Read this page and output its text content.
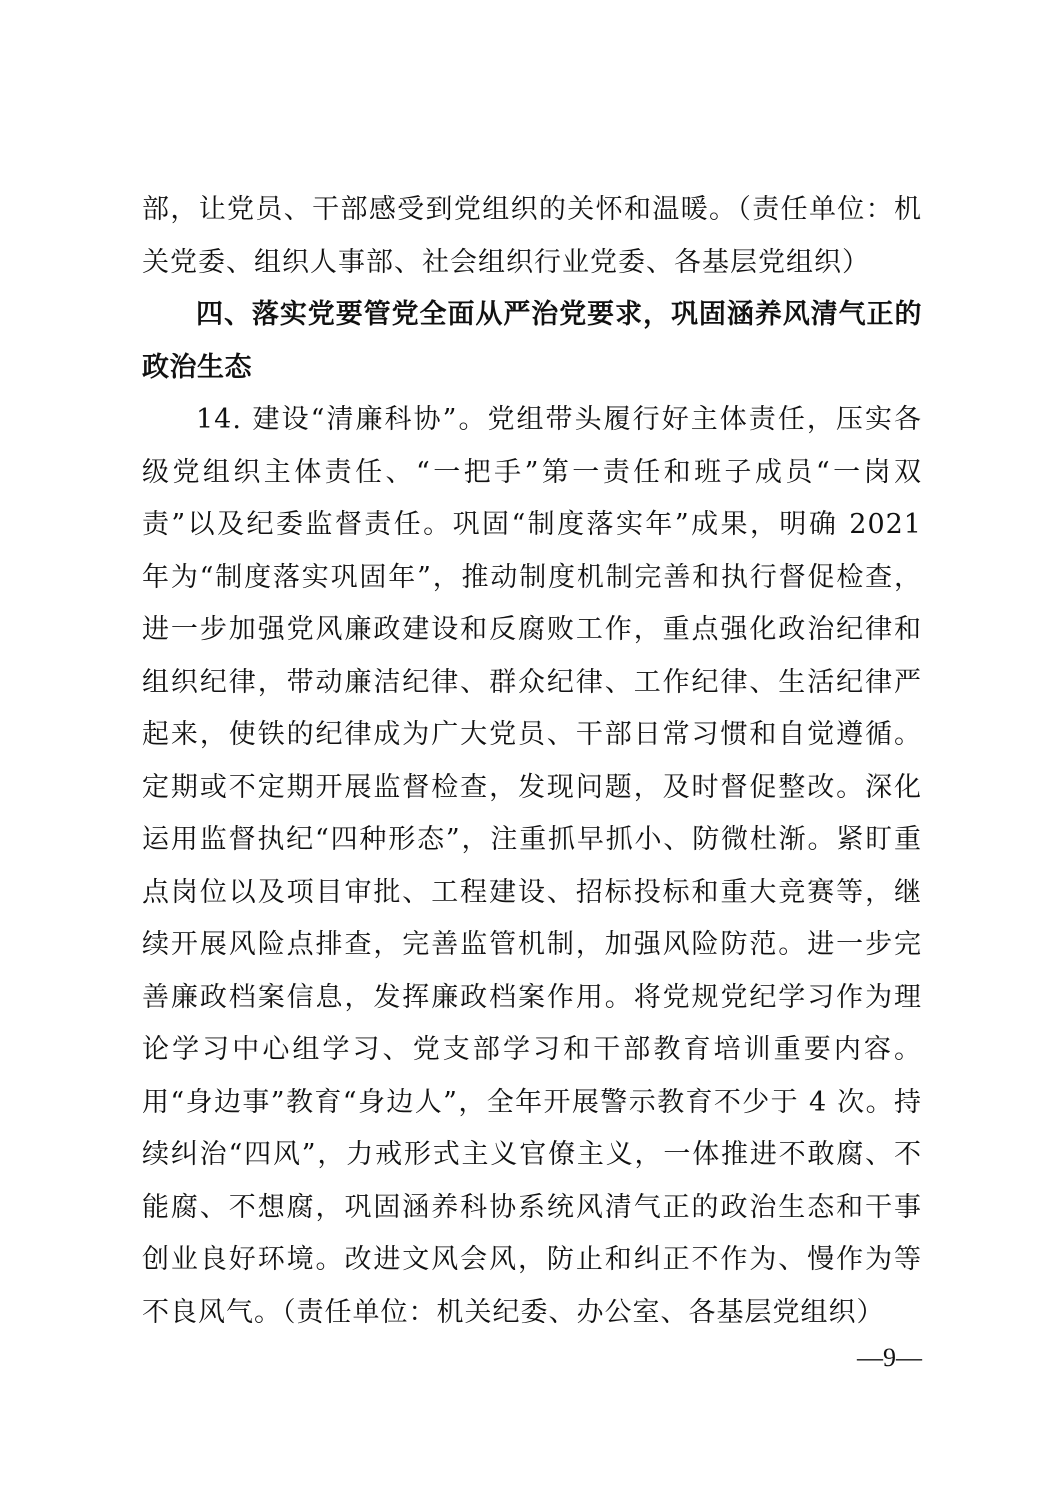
部，让党员、干部感受到党组织的关怀和温暖。（责任单位：机关党委、组织人事部、社会组织行业党委、各基层党组织）

四、落实党要管党全面从严治党要求，巩固涵养风清气正的政治生态

14. 建设“清廉科协”。党组带头履行好主体责任，压实各级党组织主体责任、“一把手”第一责任和班子成员“一岗双责”以及纪委监督责任。巩固“制度落实年”成果，明确 2021 年为“制度落实巩固年”，推动制度机制完善和执行督促检查，进一步加强党风廉政建设和反腐败工作，重点强化政治纪律和组织纪律，带动廉洁纪律、群众纪律、工作纪律、生活纪律严起来，使铁的纪律成为广大党员、干部日常习惯和自觉遵循。定期或不定期开展监督检查，发现问题，及时督促整改。深化运用监督执纪“四种形态”，注重抓早抓小、防微杜渐。紧盯重点岗位以及项目审批、工程建设、招标投标和重大竞赛等，继续开展风险点排查，完善监管机制，加强风险防范。进一步完善廉政档案信息，发挥廉政档案作用。将党规党纪学习作为理论学习中心组学习、党支部学习和干部教育培训重要内容。用“身边事”教育“身边人”，全年开展警示教育不少于 4 次。持续纠治“四风”，力戒形式主义官僚主义，一体推进不敢腐、不能腐、不想腐，巩固涵养科协系统风清气正的政治生态和干事创业良好环境。改进文风会风，防止和纠正不作为、慢作为等不良风气。（责任单位：机关纪委、办公室、各基层党组织）

—9—
